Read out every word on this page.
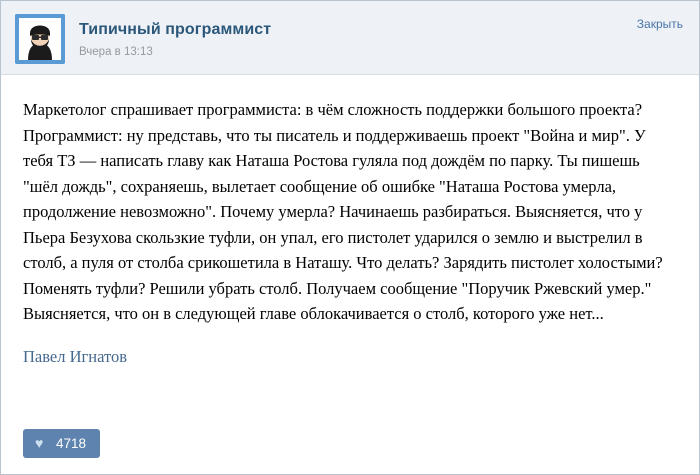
Типичный программист
Вчера в 13:13
Закрыть

Маркетолог спрашивает программиста: в чём сложность поддержки большого проекта?

Программист: ну представь, что ты писатель и поддерживаешь проект "Война и мир". У тебя ТЗ — написать главу как Наташа Ростова гуляла под дождём по парку. Ты пишешь "шёл дождь", сохраняешь, вылетает сообщение об ошибке "Наташа Ростова умерла, продолжение невозможно". Почему умерла? Начинаешь разбираться. Выясняется, что у Пьера Безухова скользкие туфли, он упал, его пистолет ударился о землю и выстрелил в столб, а пуля от столба срикошетила в Наташу. Что делать? Зарядить пистолет холостыми? Поменять туфли? Решили убрать столб. Получаем сообщение "Поручик Ржевский умер." Выясняется, что он в следующей главе облокачивается о столб, которого уже нет...

Павел Игнатов
♥ 4718
